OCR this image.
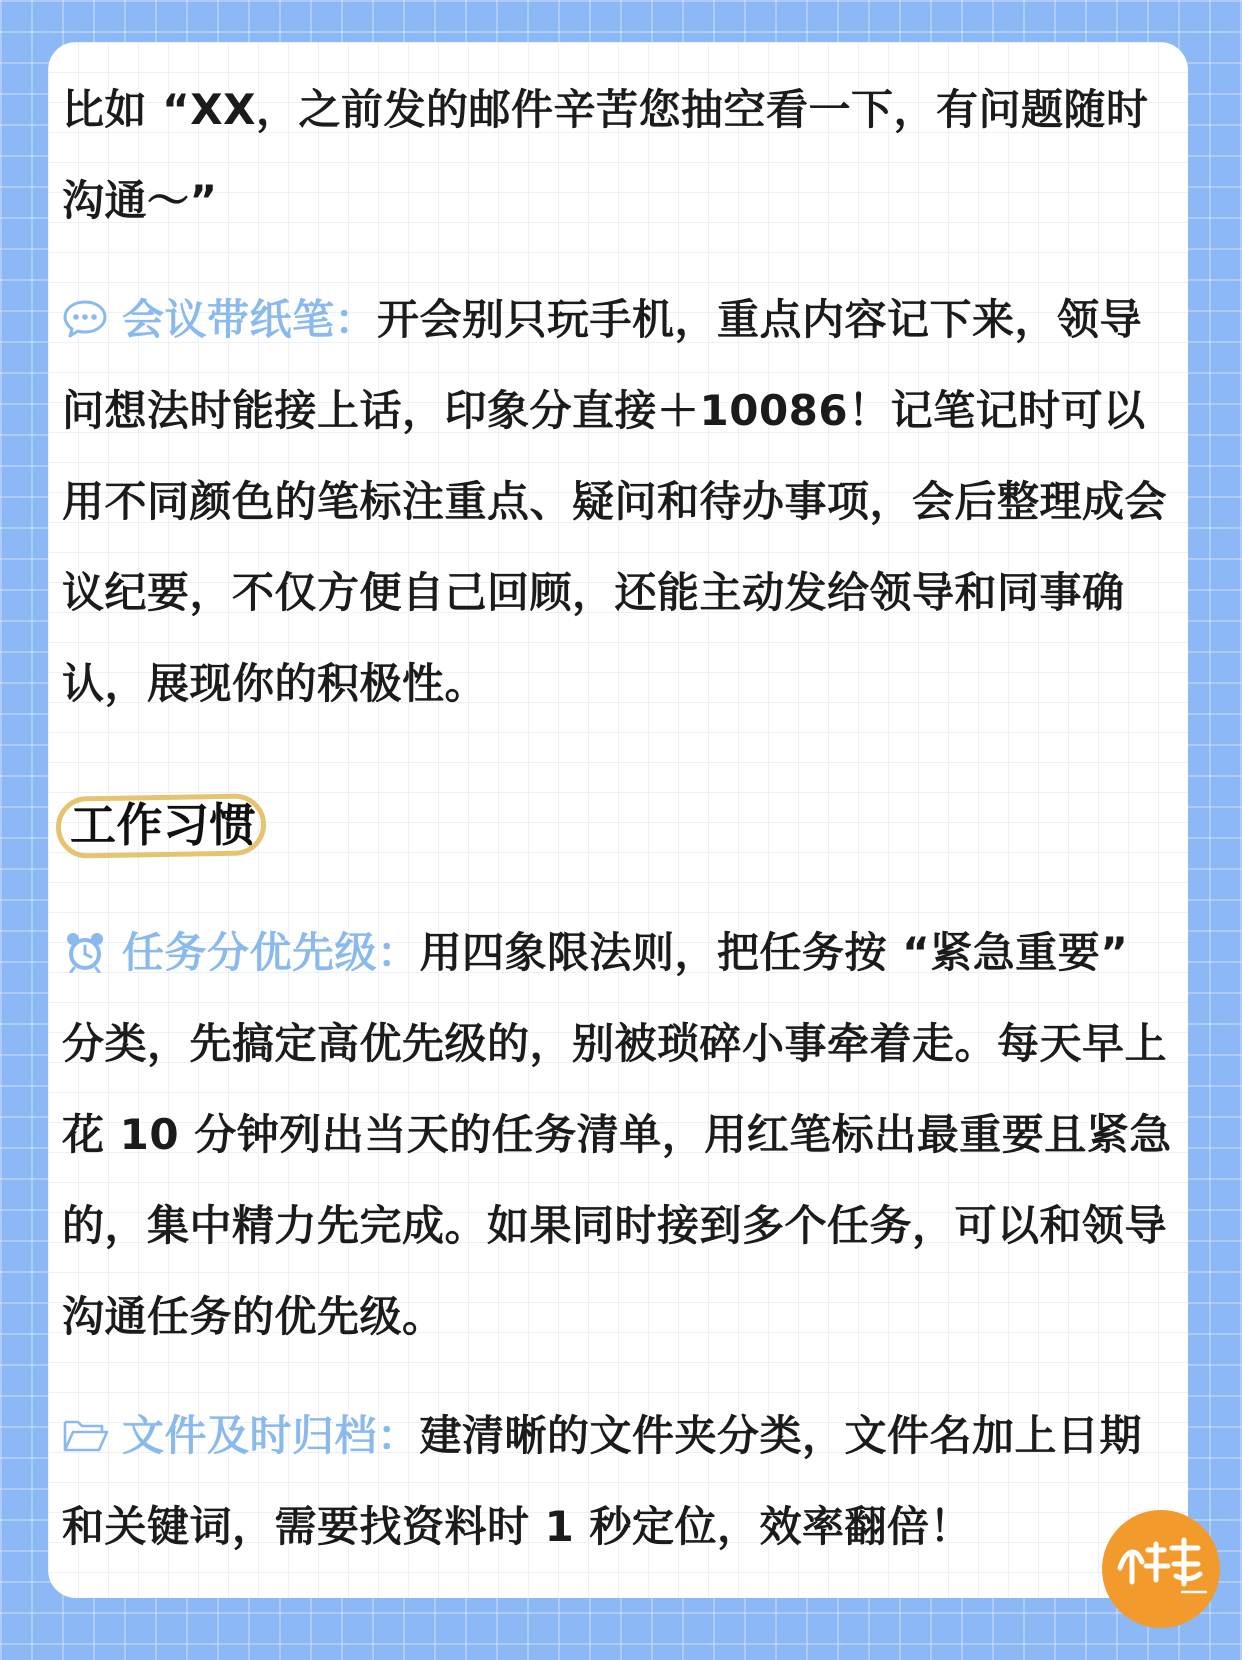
比如 “XX，之前发的邮件辛苦您抽空看一下，有问题随时沟通～”

会议带纸笔：开会别只玩手机，重点内容记下来，领导问想法时能接上话，印象分直接＋10086！记笔记时可以用不同颜色的笔标注重点、疑问和待办事项，会后整理成会议纪要，不仅方便自己回顾，还能主动发给领导和同事确认，展现你的积极性。

工作习惯

任务分优先级：用四象限法则，把任务按 “紧急重要” 分类，先搞定高优先级的，别被琐碎小事牵着走。每天早上花 10 分钟列出当天的任务清单，用红笔标出最重要且紧急的，集中精力先完成。如果同时接到多个任务，可以和领导沟通任务的优先级。

文件及时归档：建清晰的文件夹分类，文件名加上日期和关键词，需要找资料时 1 秒定位，效率翻倍！
